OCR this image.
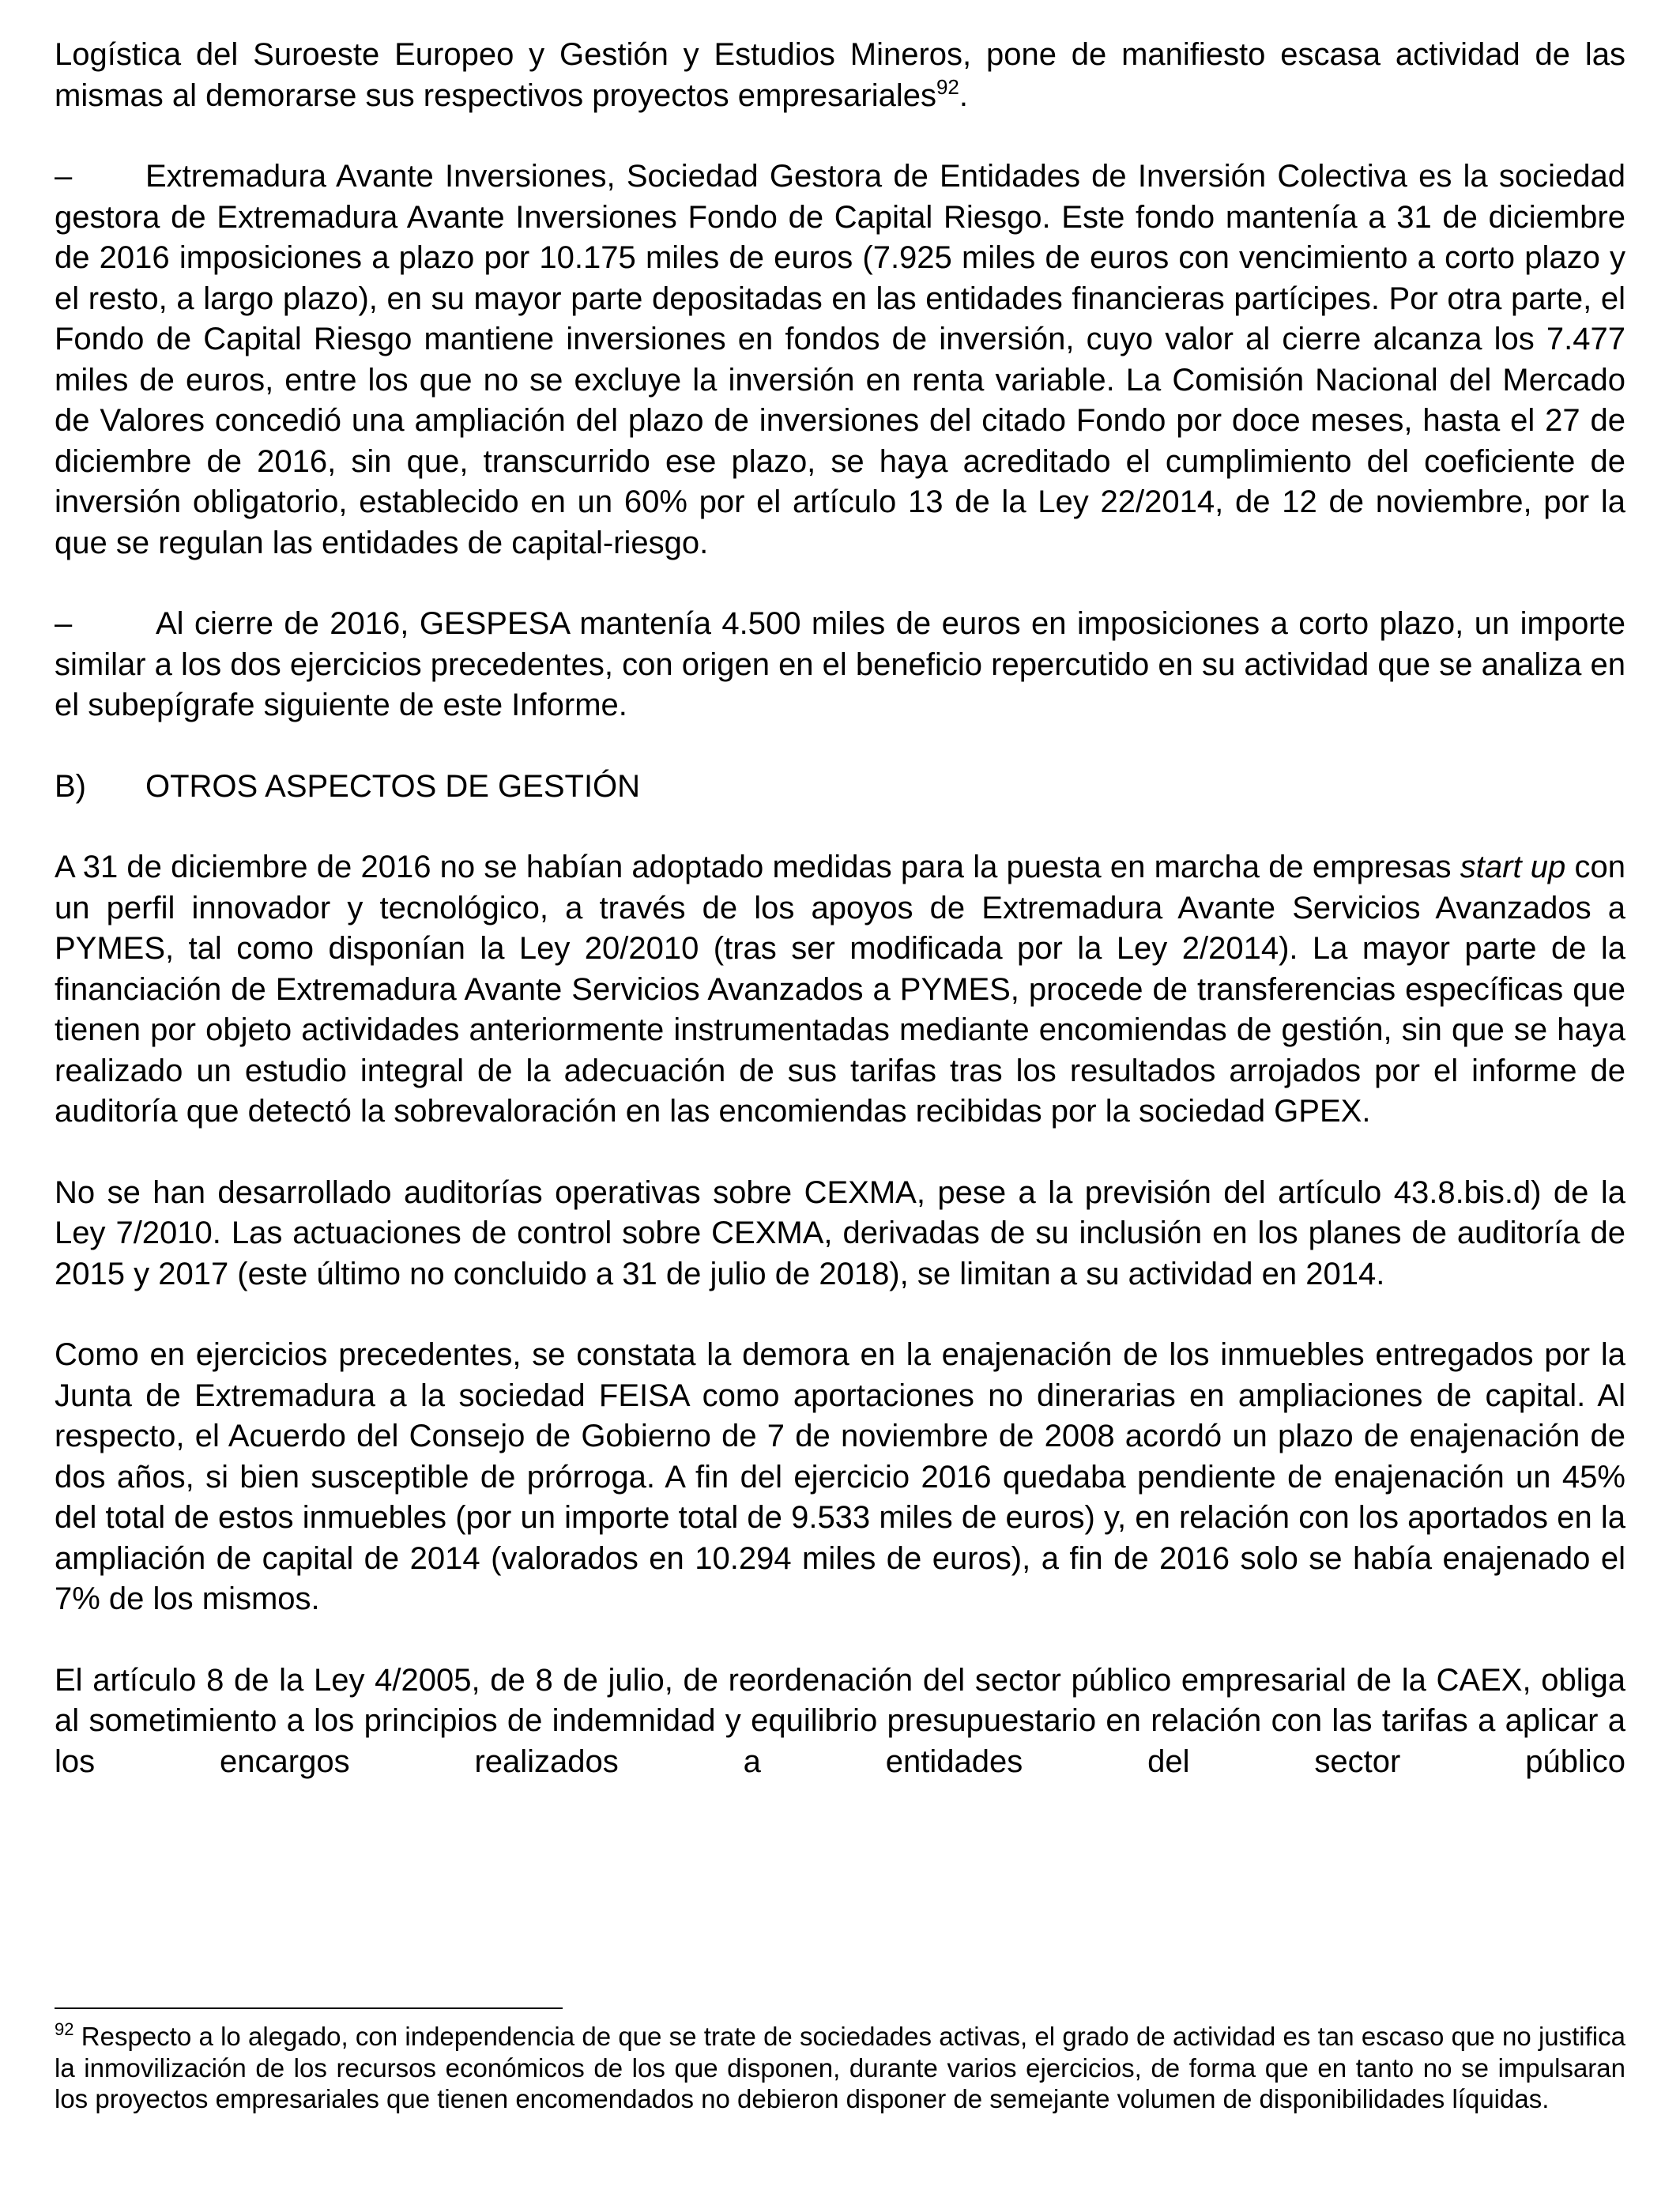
Logística del Suroeste Europeo y Gestión y Estudios Mineros, pone de manifiesto escasa actividad de las mismas al demorarse sus respectivos proyectos empresariales$^{92}$.

– Extremadura Avante Inversiones, Sociedad Gestora de Entidades de Inversión Colectiva es la sociedad gestora de Extremadura Avante Inversiones Fondo de Capital Riesgo. Este fondo mantenía a 31 de diciembre de 2016 imposiciones a plazo por 10.175 miles de euros (7.925 miles de euros con vencimiento a corto plazo y el resto, a largo plazo), en su mayor parte depositadas en las entidades financieras partícipes. Por otra parte, el Fondo de Capital Riesgo mantiene inversiones en fondos de inversión, cuyo valor al cierre alcanza los 7.477 miles de euros, entre los que no se excluye la inversión en renta variable. La Comisión Nacional del Mercado de Valores concedió una ampliación del plazo de inversiones del citado Fondo por doce meses, hasta el 27 de diciembre de 2016, sin que, transcurrido ese plazo, se haya acreditado el cumplimiento del coeficiente de inversión obligatorio, establecido en un 60% por el artículo 13 de la Ley 22/2014, de 12 de noviembre, por la que se regulan las entidades de capital-riesgo.

–	Al cierre de 2016, GESPESA mantenía 4.500 miles de euros en imposiciones a corto plazo, un importe similar a los dos ejercicios precedentes, con origen en el beneficio repercutido en su actividad que se analiza en el subepígrafe siguiente de este Informe.

B) OTROS ASPECTOS DE GESTIÓN

A 31 de diciembre de 2016 no se habían adoptado medidas para la puesta en marcha de empresas start up con un perfil innovador y tecnológico, a través de los apoyos de Extremadura Avante Servicios Avanzados a PYMES, tal como disponían la Ley 20/2010 (tras ser modificada por la Ley 2/2014). La mayor parte de la financiación de Extremadura Avante Servicios Avanzados a PYMES, procede de transferencias específicas que tienen por objeto actividades anteriormente instrumentadas mediante encomiendas de gestión, sin que se haya realizado un estudio integral de la adecuación de sus tarifas tras los resultados arrojados por el informe de auditoría que detectó la sobrevaloración en las encomiendas recibidas por la sociedad GPEX.

No se han desarrollado auditorías operativas sobre CEXMA, pese a la previsión del artículo 43.8.bis.d) de la Ley 7/2010. Las actuaciones de control sobre CEXMA, derivadas de su inclusión en los planes de auditoría de 2015 y 2017 (este último no concluido a 31 de julio de 2018), se limitan a su actividad en 2014.

Como en ejercicios precedentes, se constata la demora en la enajenación de los inmuebles entregados por la Junta de Extremadura a la sociedad FEISA como aportaciones no dinerarias en ampliaciones de capital. Al respecto, el Acuerdo del Consejo de Gobierno de 7 de noviembre de 2008 acordó un plazo de enajenación de dos años, si bien susceptible de prórroga. A fin del ejercicio 2016 quedaba pendiente de enajenación un 45% del total de estos inmuebles (por un importe total de 9.533 miles de euros) y, en relación con los aportados en la ampliación de capital de 2014 (valorados en 10.294 miles de euros), a fin de 2016 solo se había enajenado el 7% de los mismos.

El artículo 8 de la Ley 4/2005, de 8 de julio, de reordenación del sector público empresarial de la CAEX, obliga al sometimiento a los principios de indemnidad y equilibrio presupuestario en relación con las tarifas a aplicar a los encargos realizados a entidades del sector público

$^{92}$ Respecto a lo alegado, con independencia de que se trate de sociedades activas, el grado de actividad es tan escaso que no justifica la inmovilización de los recursos económicos de los que disponen, durante varios ejercicios, de forma que en tanto no se impulsaran los proyectos empresariales que tienen encomendados no debieron disponer de semejante volumen de disponibilidades líquidas.
